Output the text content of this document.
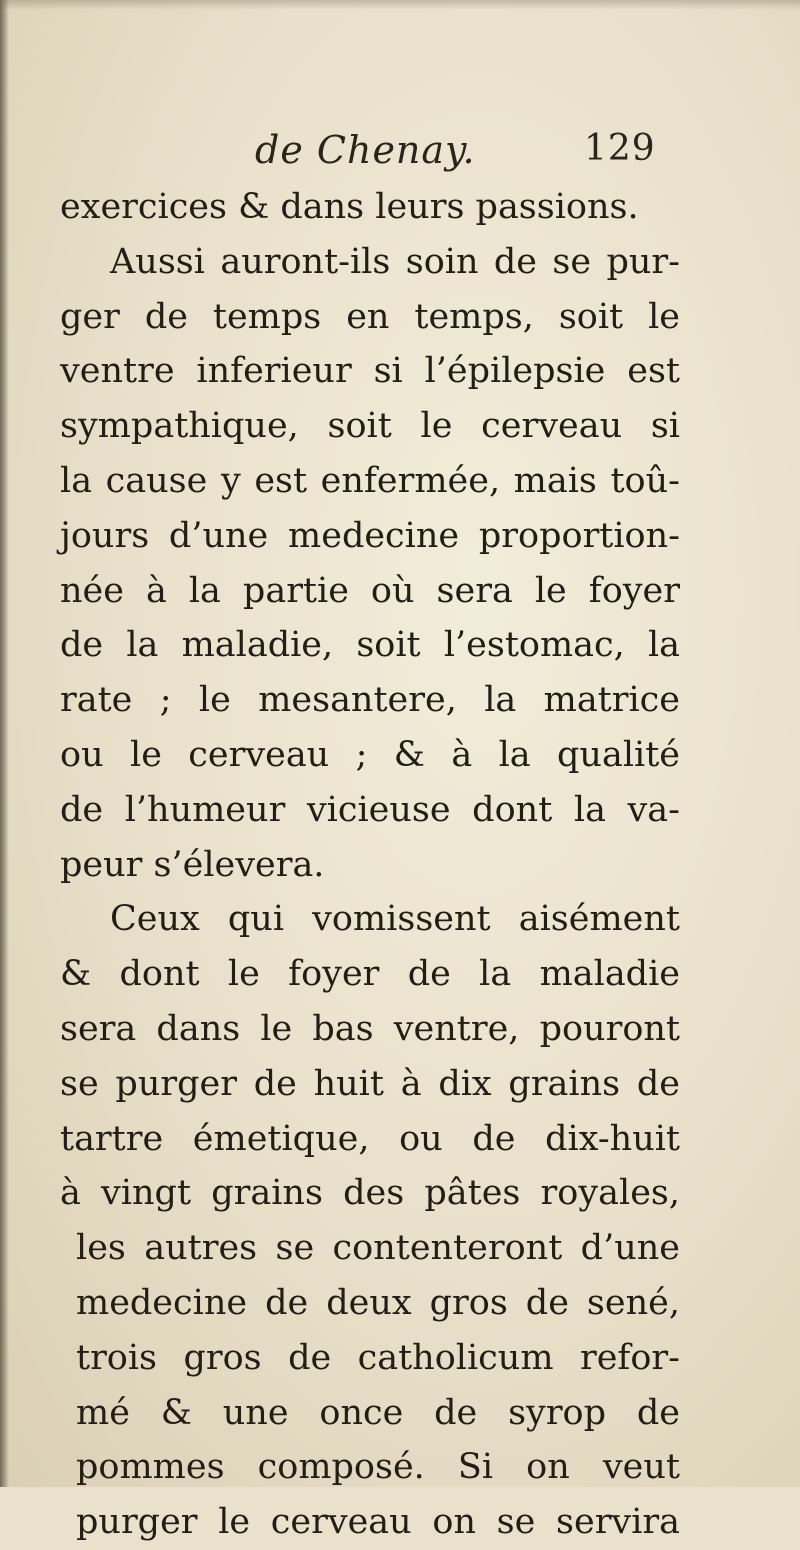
de Chenay.	129
exercices & dans leurs passions.
Aussi auront-ils soin de se pur-
ger de temps en temps, soit le
ventre inferieur si l’épilepsie est
sympathique, soit le cerveau si
la cause y est enfermée, mais toû-
jours d’une medecine proportion-
née à la partie où sera le foyer
de la maladie, soit l’estomac, la
rate ; le mesantere, la matrice
ou le cerveau ; & à la qualité
de l’humeur vicieuse dont la va-
peur s’élevera.
Ceux qui vomissent aisément
& dont le foyer de la maladie
sera dans le bas ventre, pouront
se purger de huit à dix grains de
tartre émetique, ou de dix-huit
à vingt grains des pâtes royales,
les autres se contenteront d’une
medecine de deux gros de sené,
trois gros de catholicum refor-
mé & une once de syrop de
pommes composé. Si on veut
purger le cerveau on se servira
